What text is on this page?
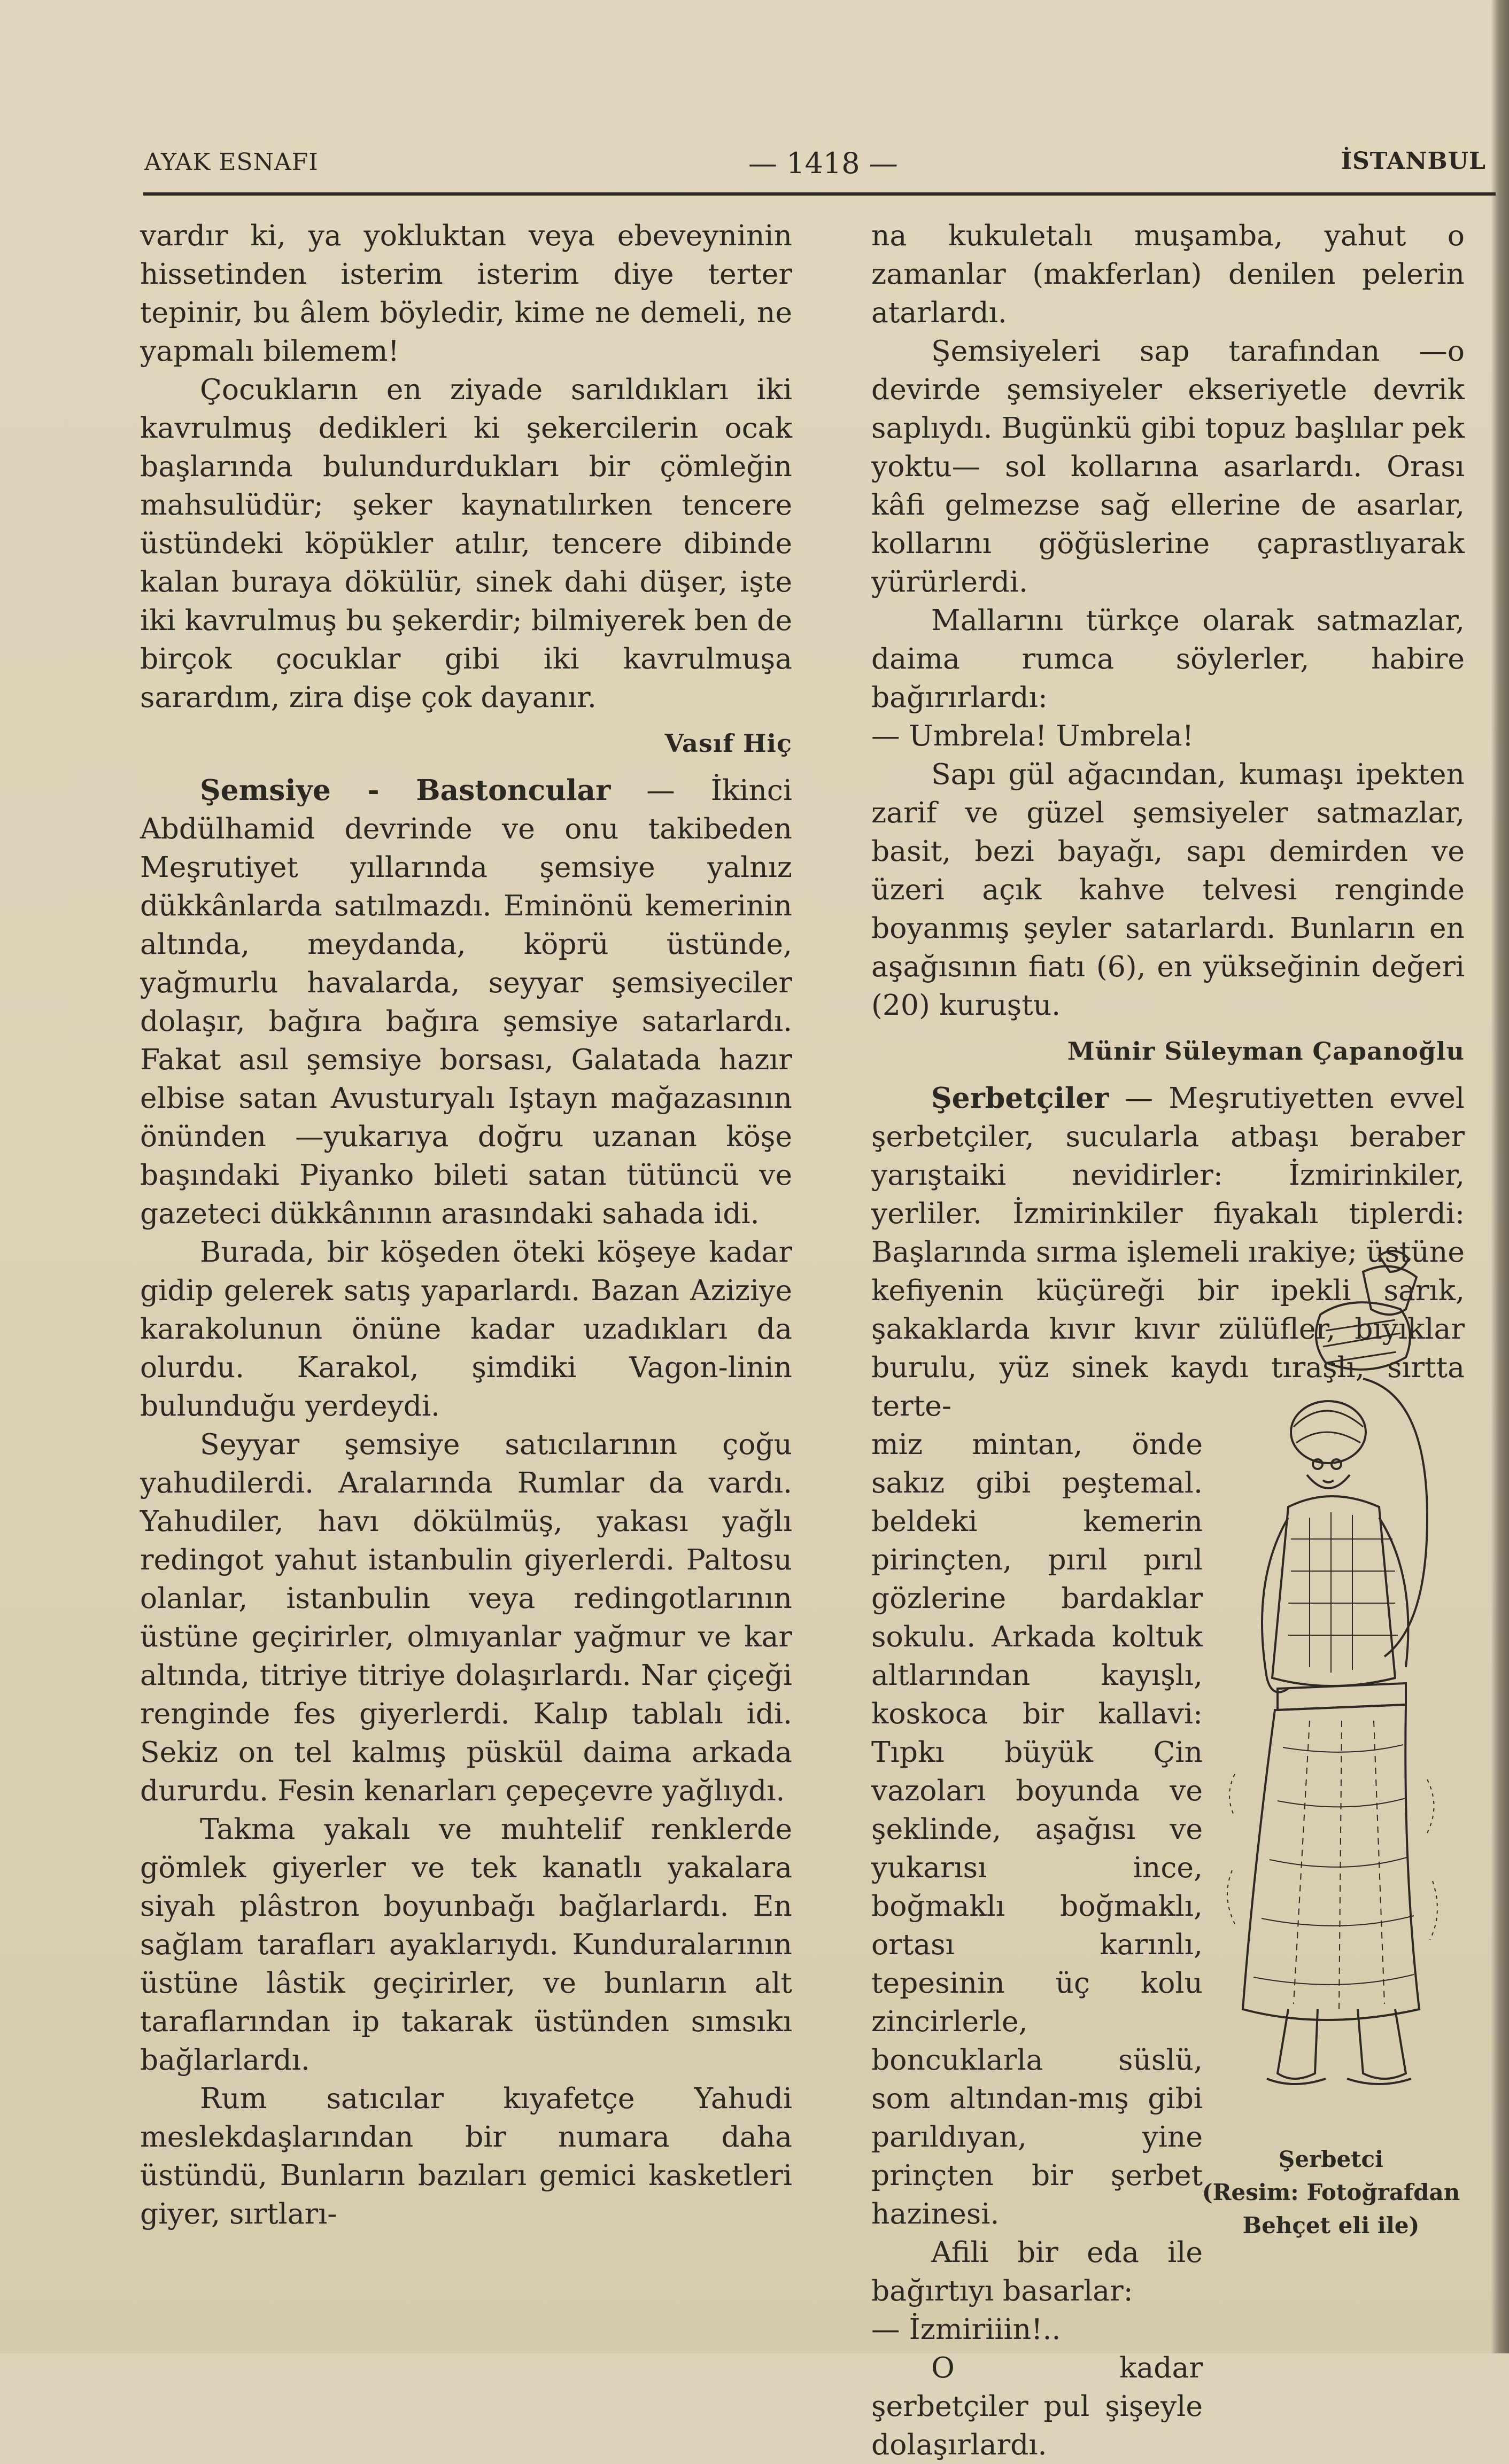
AYAK ESNAFI	— 1418 —	İSTANBUL

vardır ki, ya yokluktan veya ebeveyninin hissetinden isterim isterim diye terter tepinir, bu âlem böyledir, kime ne demeli, ne yapmalı bilemem!

Çocukların en ziyade sarıldıkları iki kavrulmuş dedikleri ki şekercilerin ocak başlarında bulundurdukları bir çömleğin mahsulüdür; şeker kaynatılırken tencere üstündeki köpükler atılır, tencere dibinde kalan buraya dökülür, sinek dahi düşer, işte iki kavrulmuş bu şekerdir; bilmiyerek ben de birçok çocuklar gibi iki kavrulmuşa sarardım, zira dişe çok dayanır.

Vasıf Hiç

Şemsiye - Bastoncular — İkinci Abdülhamid devrinde ve onu takibeden Meşrutiyet yıllarında şemsiye yalnız dükkânlarda satılmazdı. Eminönü kemerinin altında, meydanda, köprü üstünde, yağmurlu havalarda, seyyar şemsiyeciler dolaşır, bağıra bağıra şemsiye satarlardı. Fakat asıl şemsiye borsası, Galatada hazır elbise satan Avusturyalı Iştayn mağazasının önünden —yukarıya doğru uzanan köşe başındaki Piyanko bileti satan tütüncü ve gazeteci dükkânının arasındaki sahada idi.

Burada, bir köşeden öteki köşeye kadar gidip gelerek satış yaparlardı. Bazan Aziziye karakolunun önüne kadar uzadıkları da olurdu. Karakol, şimdiki Vagon-linin bulunduğu yerdeydi.

Seyyar şemsiye satıcılarının çoğu yahudilerdi. Aralarında Rumlar da vardı. Yahudiler, havı dökülmüş, yakası yağlı redingot yahut istanbulin giyerlerdi. Paltosu olanlar, istanbulin veya redingotlarının üstüne geçirirler, olmıyanlar yağmur ve kar altında, titriye titriye dolaşırlardı. Nar çiçeği renginde fes giyerlerdi. Kalıp tablalı idi. Sekiz on tel kalmış püskül daima arkada dururdu. Fesin kenarları çepeçevre yağlıydı.

Takma yakalı ve muhtelif renklerde gömlek giyerler ve tek kanatlı yakalara siyah plâstron boyunbağı bağlarlardı. En sağlam tarafları ayaklarıydı. Kunduralarının üstüne lâstik geçirirler, ve bunların alt taraflarından ip takarak üstünden sımsıkı bağlarlardı.

Rum satıcılar kıyafetçe Yahudi meslekdaşlarından bir numara daha üstündü, Bunların bazıları gemici kasketleri giyer, sırtları-

na kukuletalı muşamba, yahut o zamanlar (makferlan) denilen pelerin atarlardı.

Şemsiyeleri sap tarafından —o devirde şemsiyeler ekseriyetle devrik saplıydı. Bugünkü gibi topuz başlılar pek yoktu— sol kollarına asarlardı. Orası kâfi gelmezse sağ ellerine de asarlar, kollarını göğüslerine çaprastlıyarak yürürlerdi.

Mallarını türkçe olarak satmazlar, daima rumca söylerler, habire bağırırlardı:

— Umbrela! Umbrela!

Sapı gül ağacından, kumaşı ipekten zarif ve güzel şemsiyeler satmazlar, basit, bezi bayağı, sapı demirden ve üzeri açık kahve telvesi renginde boyanmış şeyler satarlardı. Bunların en aşağısının fiatı (6), en yükseğinin değeri (20) kuruştu.

Münir Süleyman Çapanoğlu

Şerbetçiler — Meşrutiyetten evvel şerbetçiler, sucularla atbaşı beraber yarıştaiki nevidirler: İzmirinkiler, yerliler. İzmirinkiler fiyakalı tiplerdi: Başlarında sırma işlemeli ırakiye; üstüne kefiyenin küçüreği bir ipekli sarık, şakaklarda kıvır kıvır zülüfler, bıyıklar burulu, yüz sinek kaydı tıraşlı, sırtta terte-

miz mintan, önde sakız gibi peştemal. beldeki kemerin pirinçten, pırıl pırıl gözlerine bardaklar sokulu. Arkada koltuk altlarından kayışlı, koskoca bir kallavi: Tıpkı büyük Çin vazoları boyunda ve şeklinde, aşağısı ve yukarısı ince, boğmaklı boğmaklı, ortası karınlı, tepesinin üç kolu zincirlerle, boncuklarla süslü, som altından-mış gibi parıldıyan, yine prinçten bir şerbet hazinesi.

Afili bir eda ile bağırtıyı basarlar:

— İzmiriiin!..

O kadar şerbetçiler pul şişeyle dolaşırlardı.

Şerbetci
(Resim: Fotoğrafdan
Behçet eli ile)
